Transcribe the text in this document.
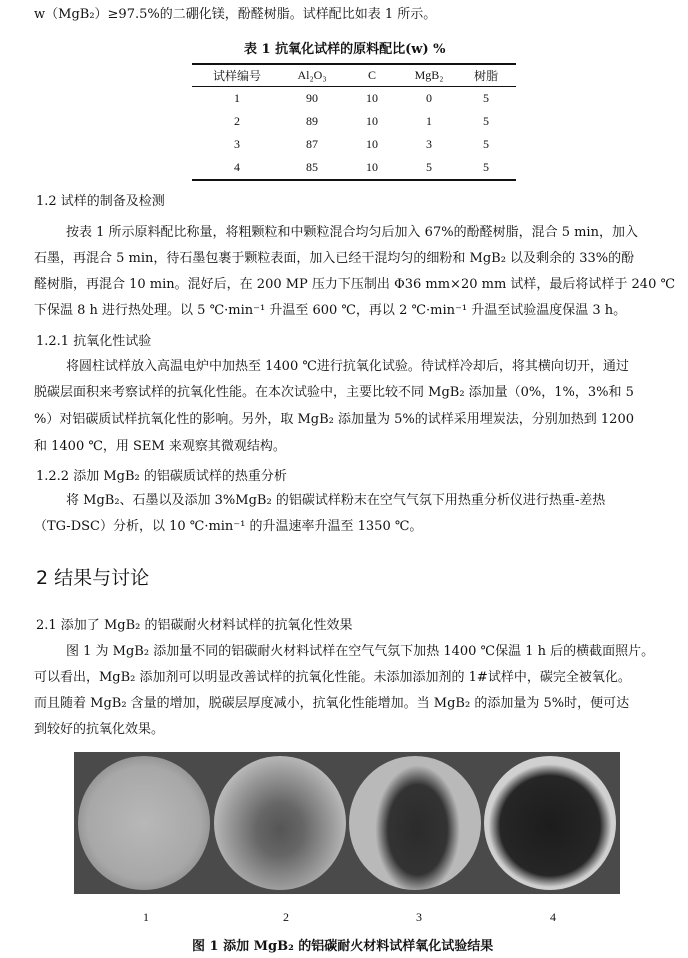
w（MgB₂）≥97.5%的二硼化镁，酚醛树脂。试样配比如表 1 所示。
表 1 抗氧化试样的原料配比(w) %
试样编号	Al₂O₃	C	MgB₂	树脂
1	90	10	0	5
2	89	10	1	5
3	87	10	3	5
4	85	10	5	5
1.2 试样的制备及检测
按表 1 所示原料配比称量，将粗颗粒和中颗粒混合均匀后加入 67%的酚醛树脂，混合 5 min，加入
石墨，再混合 5 min，待石墨包裹于颗粒表面，加入已经干混均匀的细粉和 MgB₂ 以及剩余的 33%的酚
醛树脂，再混合 10 min。混好后，在 200 MP 压力下压制出 Φ36 mm×20 mm 试样，最后将试样于 240 ℃
下保温 8 h 进行热处理。以 5 ℃·min⁻¹ 升温至 600 ℃，再以 2 ℃·min⁻¹ 升温至试验温度保温 3 h。
1.2.1 抗氧化性试验
将圆柱试样放入高温电炉中加热至 1400 ℃进行抗氧化试验。待试样冷却后，将其横向切开，通过
脱碳层面积来考察试样的抗氧化性能。在本次试验中，主要比较不同 MgB₂ 添加量（0%，1%，3%和 5
%）对铝碳质试样抗氧化性的影响。另外，取 MgB₂ 添加量为 5%的试样采用埋炭法，分别加热到 1200
和 1400 ℃，用 SEM 来观察其微观结构。
1.2.2 添加 MgB₂ 的铝碳质试样的热重分析
将 MgB₂、石墨以及添加 3%MgB₂ 的铝碳试样粉末在空气气氛下用热重分析仪进行热重-差热
（TG-DSC）分析，以 10 ℃·min⁻¹ 的升温速率升温至 1350 ℃。
2 结果与讨论
2.1 添加了 MgB₂ 的铝碳耐火材料试样的抗氧化性效果
图 1 为 MgB₂ 添加量不同的铝碳耐火材料试样在空气气氛下加热 1400 ℃保温 1 h 后的横截面照片。
可以看出，MgB₂ 添加剂可以明显改善试样的抗氧化性能。未添加添加剂的 1#试样中，碳完全被氧化。
而且随着 MgB₂ 含量的增加，脱碳层厚度减小，抗氧化性能增加。当 MgB₂ 的添加量为 5%时，便可达
到较好的抗氧化效果。
1	2	3	4
图 1 添加 MgB₂ 的铝碳耐火材料试样氧化试验结果
